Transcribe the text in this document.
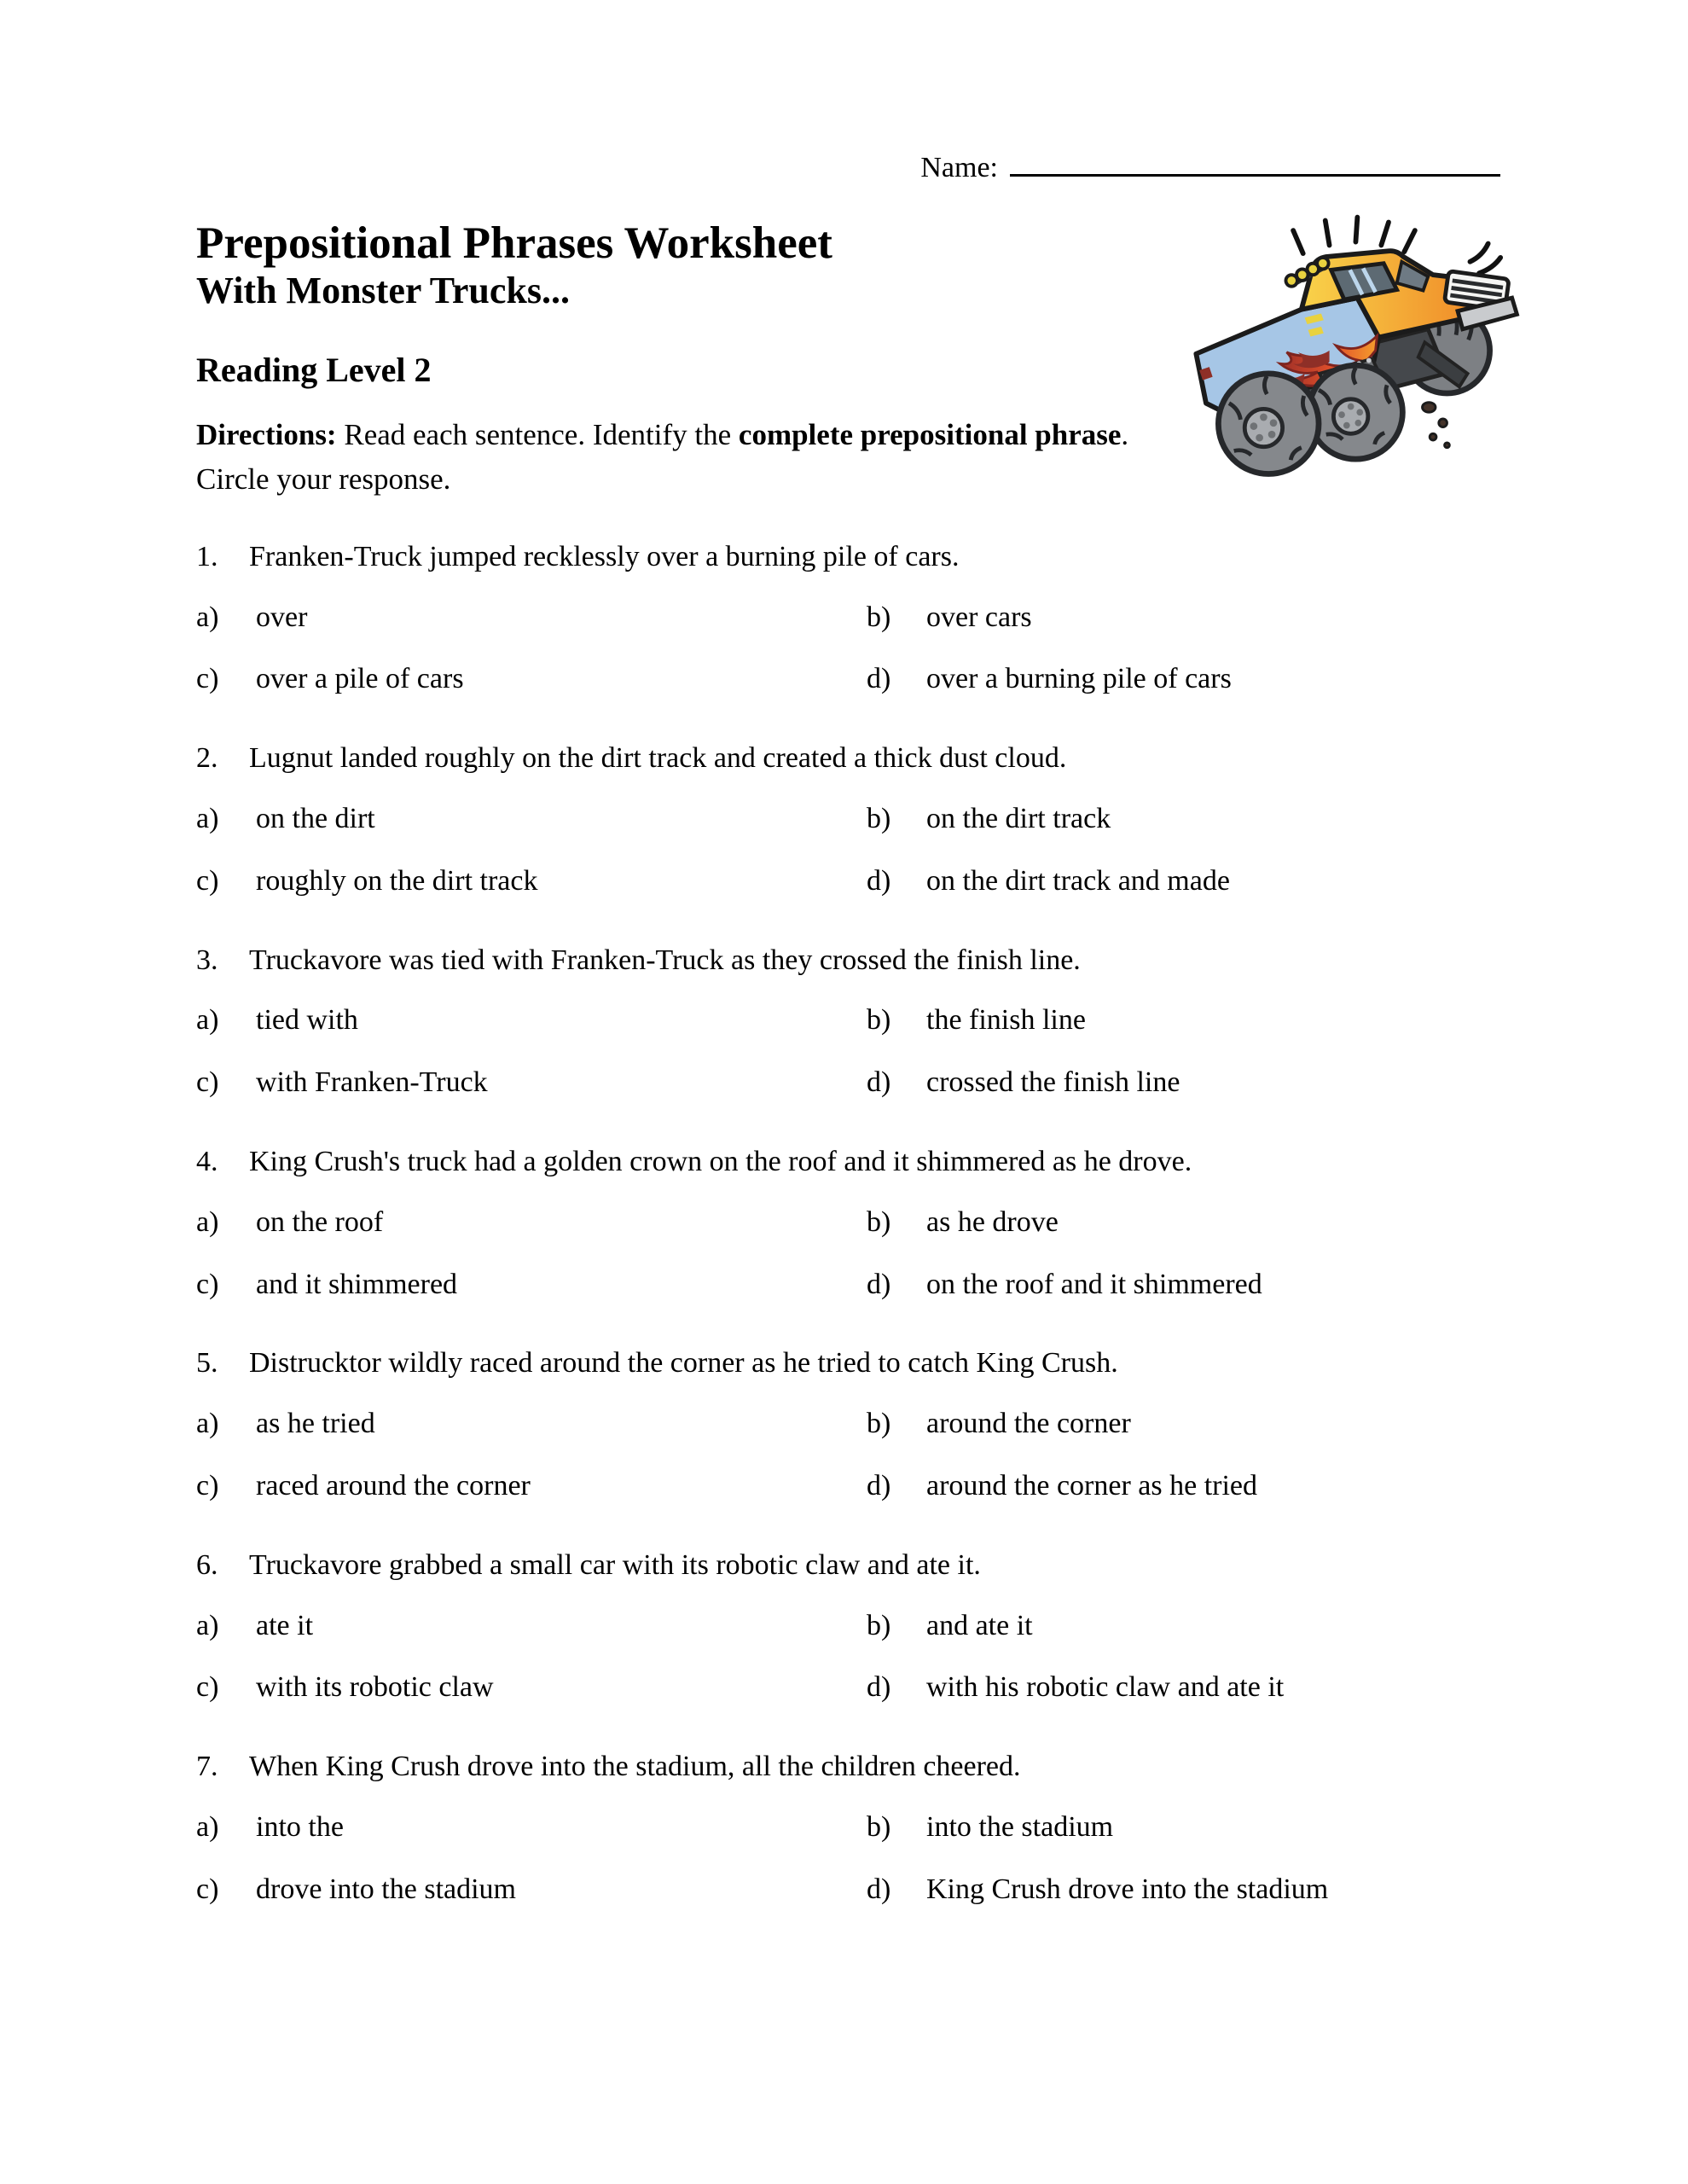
Name:
Prepositional Phrases Worksheet
With Monster Trucks...
Reading Level 2

Directions: Read each sentence. Identify the complete prepositional phrase. Circle your response.

1.	Franken-Truck jumped recklessly over a burning pile of cars.
a)	over	b)	over cars
c)	over a pile of cars	d)	over a burning pile of cars
2.	Lugnut landed roughly on the dirt track and created a thick dust cloud.
a)	on the dirt	b)	on the dirt track
c)	roughly on the dirt track	d)	on the dirt track and made
3.	Truckavore was tied with Franken-Truck as they crossed the finish line.
a)	tied with	b)	the finish line
c)	with Franken-Truck	d)	crossed the finish line
4.	King Crush's truck had a golden crown on the roof and it shimmered as he drove.
a)	on the roof	b)	as he drove
c)	and it shimmered	d)	on the roof and it shimmered
5.	Distrucktor wildly raced around the corner as he tried to catch King Crush.
a)	as he tried	b)	around the corner
c)	raced around the corner	d)	around the corner as he tried
6.	Truckavore grabbed a small car with its robotic claw and ate it.
a)	ate it	b)	and ate it
c)	with its robotic claw	d)	with his robotic claw and ate it
7.	When King Crush drove into the stadium, all the children cheered.
a)	into the	b)	into the stadium
c)	drove into the stadium	d)	King Crush drove into the stadium
